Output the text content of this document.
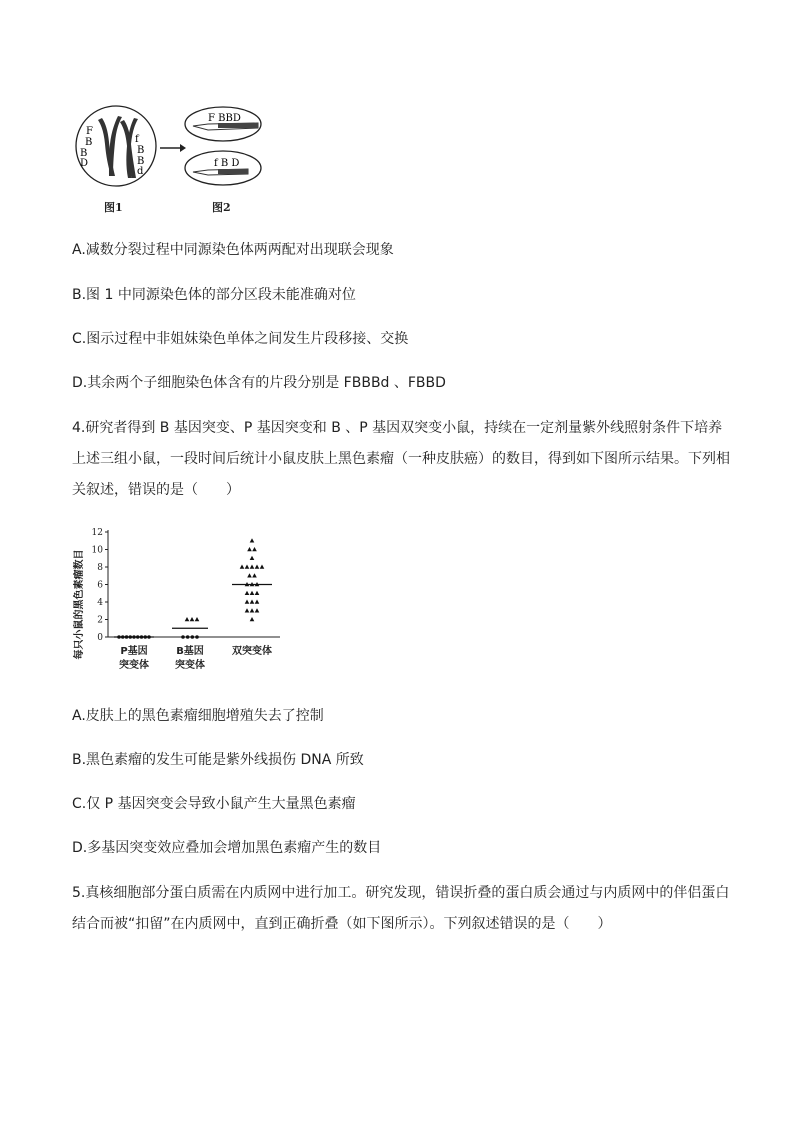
F
B
B
D
f
B
B
d
F BBD
f B D
图1	图2

A.减数分裂过程中同源染色体两两配对出现联会现象

B.图 1 中同源染色体的部分区段未能准确对位

C.图示过程中非姐妹染色单体之间发生片段移接、交换

D.其余两个子细胞染色体含有的片段分别是 FBBBd 、FBBD

4.研究者得到 B 基因突变、P 基因突变和 B 、P 基因双突变小鼠，持续在一定剂量紫外线照射条件下培养上述三组小鼠，一段时间后统计小鼠皮肤上黑色素瘤（一种皮肤癌）的数目，得到如下图所示结果。下列相关叙述，错误的是（　　）

0
2
4
6
8
10
12
每只小鼠的黑色素瘤数目	P基因
突变体
B基因
突变体
双突变体

A.皮肤上的黑色素瘤细胞增殖失去了控制

B.黑色素瘤的发生可能是紫外线损伤 DNA 所致

C.仅 P 基因突变会导致小鼠产生大量黑色素瘤

D.多基因突变效应叠加会增加黑色素瘤产生的数目

5.真核细胞部分蛋白质需在内质网中进行加工。研究发现，错误折叠的蛋白质会通过与内质网中的伴侣蛋白结合而被“扣留”在内质网中，直到正确折叠（如下图所示）。下列叙述错误的是（　　）
